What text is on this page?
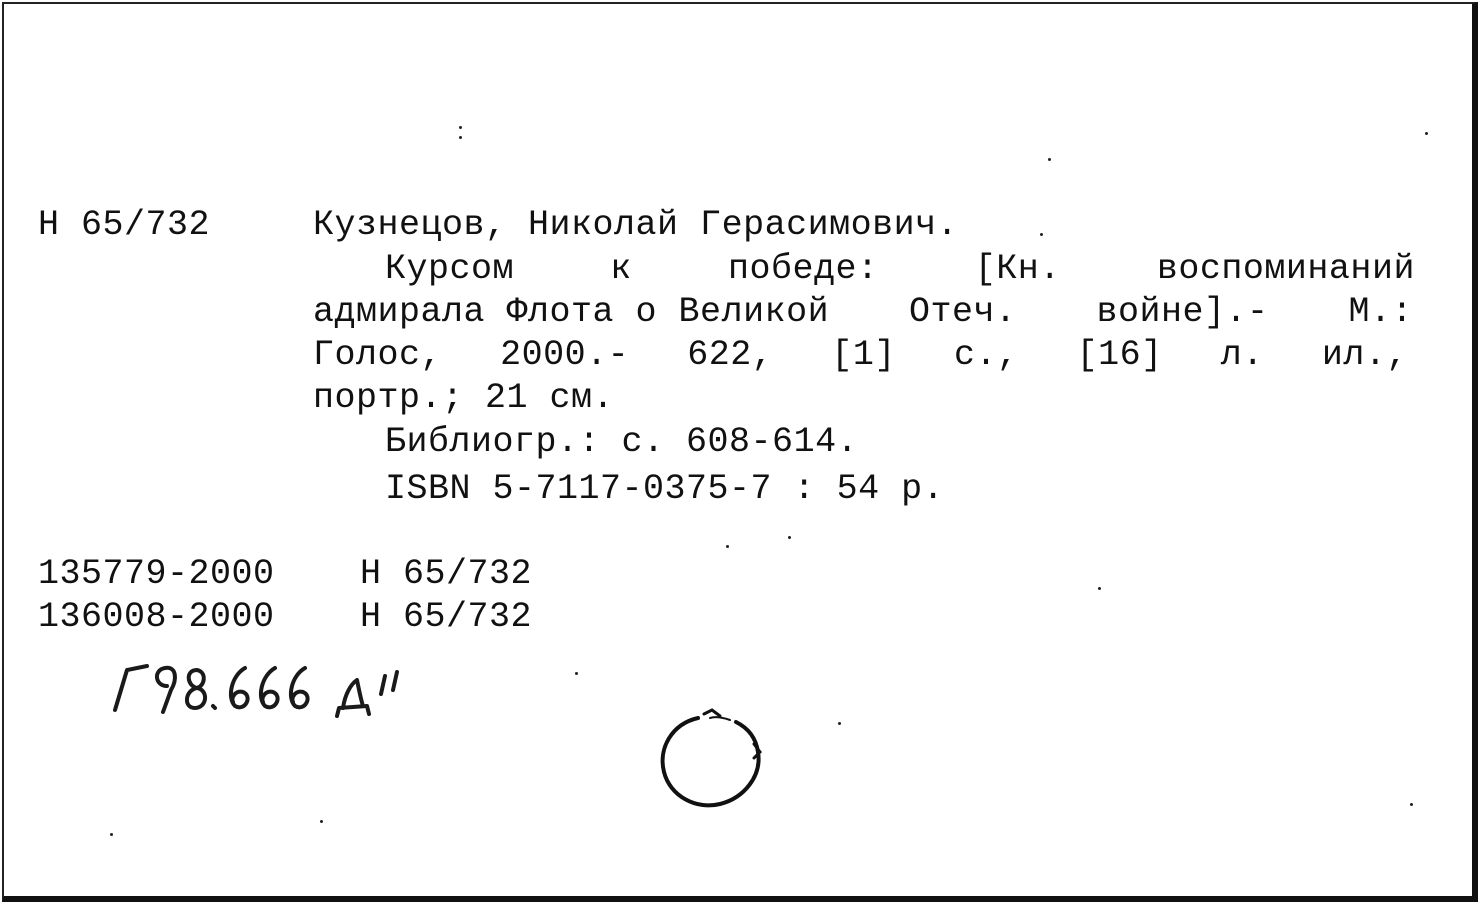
Н 65/732	Кузнецов, Николай Герасимович.
Курсом	к	победе:	[Кн.	воспоминаний
адмирала Флота о Великой Отеч. войне].- М.:
Голос, 2000.- 622, [1] с., [16] л. ил.,
портр.; 21 см.
Библиогр.: с. 608-614.
ISBN 5-7117-0375-7 : 54 р.
135779-2000 Н 65/732
136008-2000 Н 65/732
